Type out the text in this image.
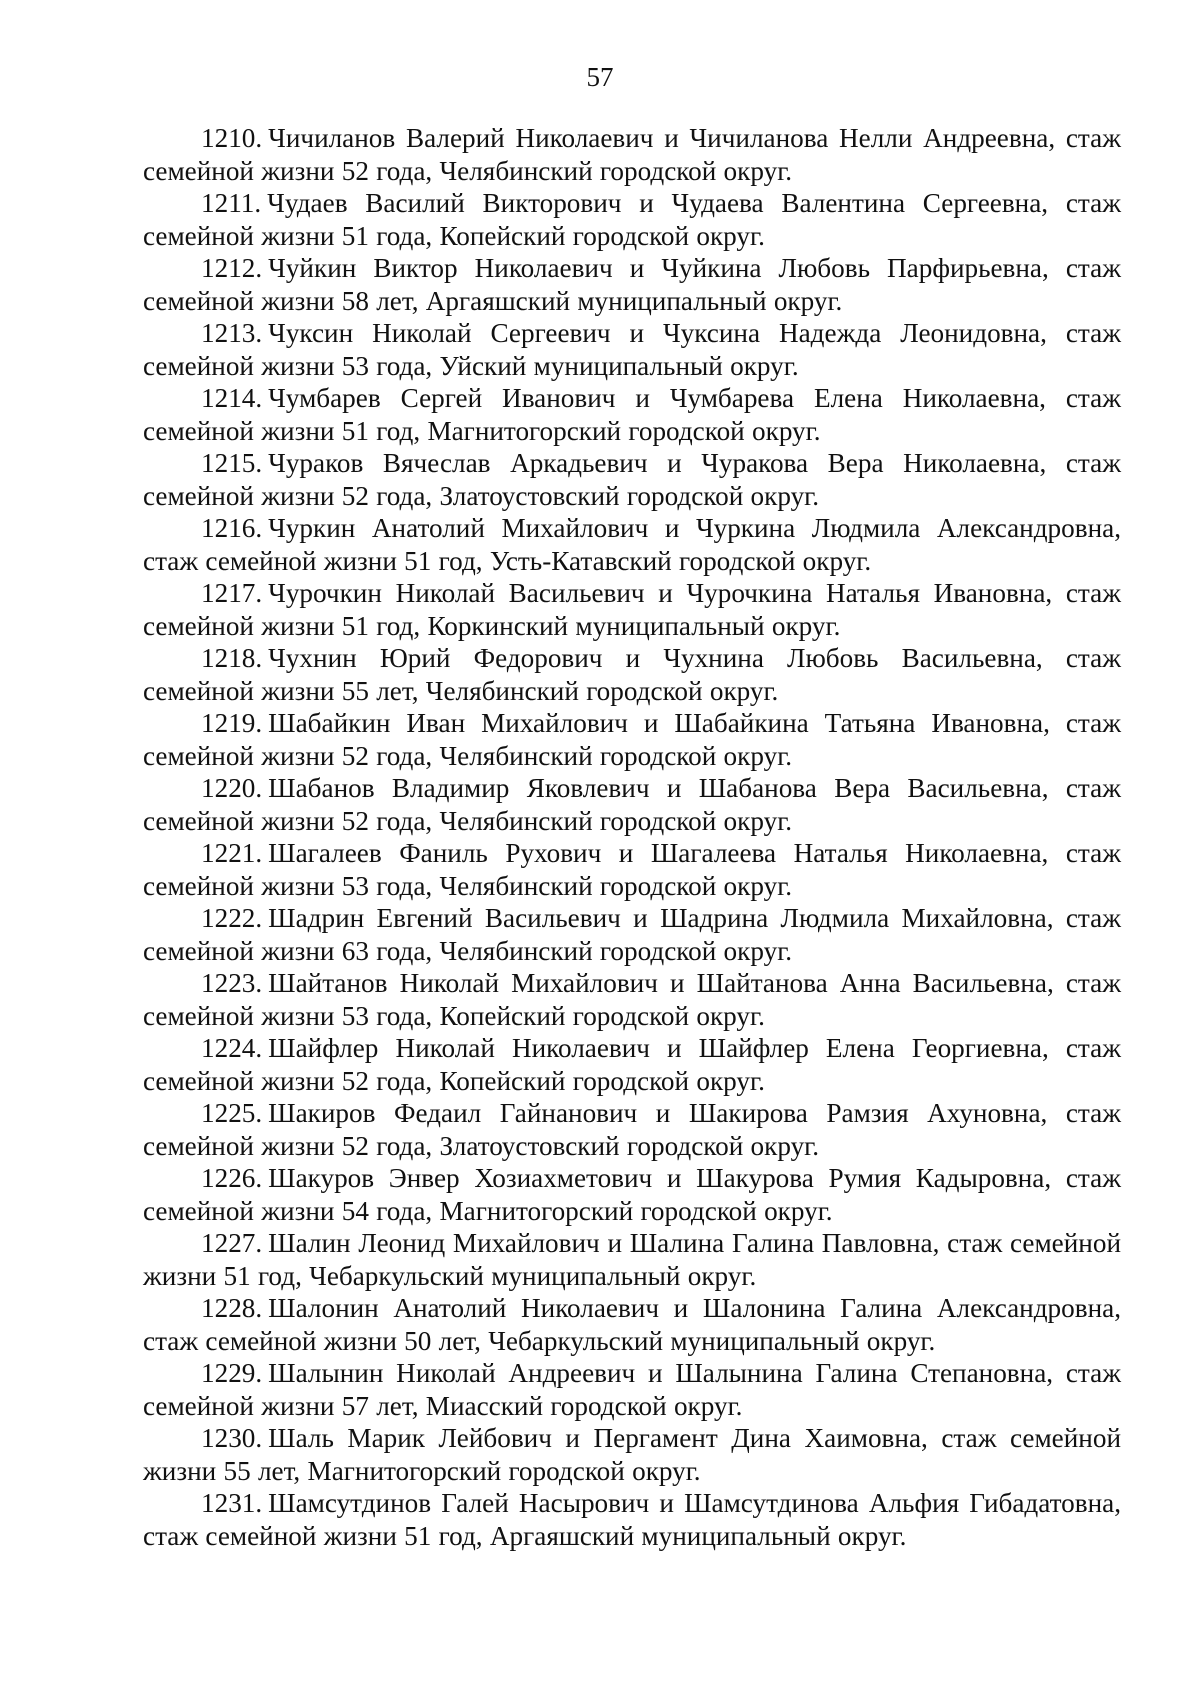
57

1210. Чичиланов Валерий Николаевич и Чичиланова Нелли Андреевна, стаж семейной жизни 52 года, Челябинский городской округ.

1211. Чудаев Василий Викторович и Чудаева Валентина Сергеевна, стаж семейной жизни 51 года, Копейский городской округ.

1212. Чуйкин Виктор Николаевич и Чуйкина Любовь Парфирьевна, стаж семейной жизни 58 лет, Аргаяшский муниципальный округ.

1213. Чуксин Николай Сергеевич и Чуксина Надежда Леонидовна, стаж семейной жизни 53 года, Уйский муниципальный округ.

1214. Чумбарев Сергей Иванович и Чумбарева Елена Николаевна, стаж семейной жизни 51 год, Магнитогорский городской округ.

1215. Чураков Вячеслав Аркадьевич и Чуракова Вера Николаевна, стаж семейной жизни 52 года, Златоустовский городской округ.

1216. Чуркин Анатолий Михайлович и Чуркина Людмила Александровна, стаж семейной жизни 51 год, Усть-Катавский городской округ.

1217. Чурочкин Николай Васильевич и Чурочкина Наталья Ивановна, стаж семейной жизни 51 год, Коркинский муниципальный округ.

1218. Чухнин Юрий Федорович и Чухнина Любовь Васильевна, стаж семейной жизни 55 лет, Челябинский городской округ.

1219. Шабайкин Иван Михайлович и Шабайкина Татьяна Ивановна, стаж семейной жизни 52 года, Челябинский городской округ.

1220. Шабанов Владимир Яковлевич и Шабанова Вера Васильевна, стаж семейной жизни 52 года, Челябинский городской округ.

1221. Шагалеев Фаниль Рухович и Шагалеева Наталья Николаевна, стаж семейной жизни 53 года, Челябинский городской округ.

1222. Шадрин Евгений Васильевич и Шадрина Людмила Михайловна, стаж семейной жизни 63 года, Челябинский городской округ.

1223. Шайтанов Николай Михайлович и Шайтанова Анна Васильевна, стаж семейной жизни 53 года, Копейский городской округ.

1224. Шайфлер Николай Николаевич и Шайфлер Елена Георгиевна, стаж семейной жизни 52 года, Копейский городской округ.

1225. Шакиров Федаил Гайнанович и Шакирова Рамзия Ахуновна, стаж семейной жизни 52 года, Златоустовский городской округ.

1226. Шакуров Энвер Хозиахметович и Шакурова Румия Кадыровна, стаж семейной жизни 54 года, Магнитогорский городской округ.

1227. Шалин Леонид Михайлович и Шалина Галина Павловна, стаж семейной жизни 51 год, Чебаркульский муниципальный округ.

1228. Шалонин Анатолий Николаевич и Шалонина Галина Александровна, стаж семейной жизни 50 лет, Чебаркульский муниципальный округ.

1229. Шалынин Николай Андреевич и Шалынина Галина Степановна, стаж семейной жизни 57 лет, Миасский городской округ.

1230. Шаль Марик Лейбович и Пергамент Дина Хаимовна, стаж семейной жизни 55 лет, Магнитогорский городской округ.

1231. Шамсутдинов Галей Насырович и Шамсутдинова Альфия Гибадатовна, стаж семейной жизни 51 год, Аргаяшский муниципальный округ.
